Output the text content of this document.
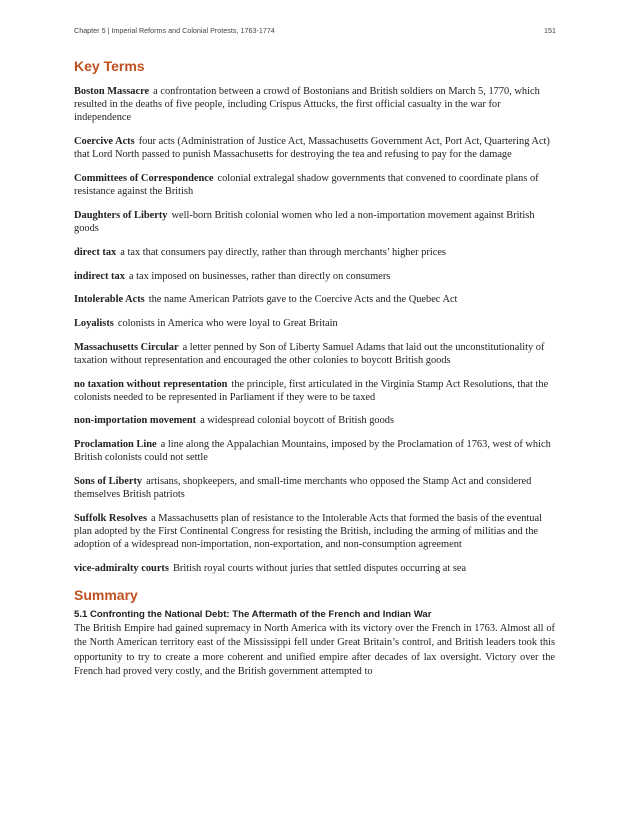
Chapter 5 | Imperial Reforms and Colonial Protests, 1763-1774	151
Key Terms
Boston Massacre a confrontation between a crowd of Bostonians and British soldiers on March 5, 1770, which resulted in the deaths of five people, including Crispus Attucks, the first official casualty in the war for independence
Coercive Acts four acts (Administration of Justice Act, Massachusetts Government Act, Port Act, Quartering Act) that Lord North passed to punish Massachusetts for destroying the tea and refusing to pay for the damage
Committees of Correspondence colonial extralegal shadow governments that convened to coordinate plans of resistance against the British
Daughters of Liberty well-born British colonial women who led a non-importation movement against British goods
direct tax a tax that consumers pay directly, rather than through merchants’ higher prices
indirect tax a tax imposed on businesses, rather than directly on consumers
Intolerable Acts the name American Patriots gave to the Coercive Acts and the Quebec Act
Loyalists colonists in America who were loyal to Great Britain
Massachusetts Circular a letter penned by Son of Liberty Samuel Adams that laid out the unconstitutionality of taxation without representation and encouraged the other colonies to boycott British goods
no taxation without representation the principle, first articulated in the Virginia Stamp Act Resolutions, that the colonists needed to be represented in Parliament if they were to be taxed
non-importation movement a widespread colonial boycott of British goods
Proclamation Line a line along the Appalachian Mountains, imposed by the Proclamation of 1763, west of which British colonists could not settle
Sons of Liberty artisans, shopkeepers, and small-time merchants who opposed the Stamp Act and considered themselves British patriots
Suffolk Resolves a Massachusetts plan of resistance to the Intolerable Acts that formed the basis of the eventual plan adopted by the First Continental Congress for resisting the British, including the arming of militias and the adoption of a widespread non-importation, non-exportation, and non-consumption agreement
vice-admiralty courts British royal courts without juries that settled disputes occurring at sea
Summary
5.1 Confronting the National Debt: The Aftermath of the French and Indian War

The British Empire had gained supremacy in North America with its victory over the French in 1763. Almost all of the North American territory east of the Mississippi fell under Great Britain’s control, and British leaders took this opportunity to try to create a more coherent and unified empire after decades of lax oversight. Victory over the French had proved very costly, and the British government attempted to
